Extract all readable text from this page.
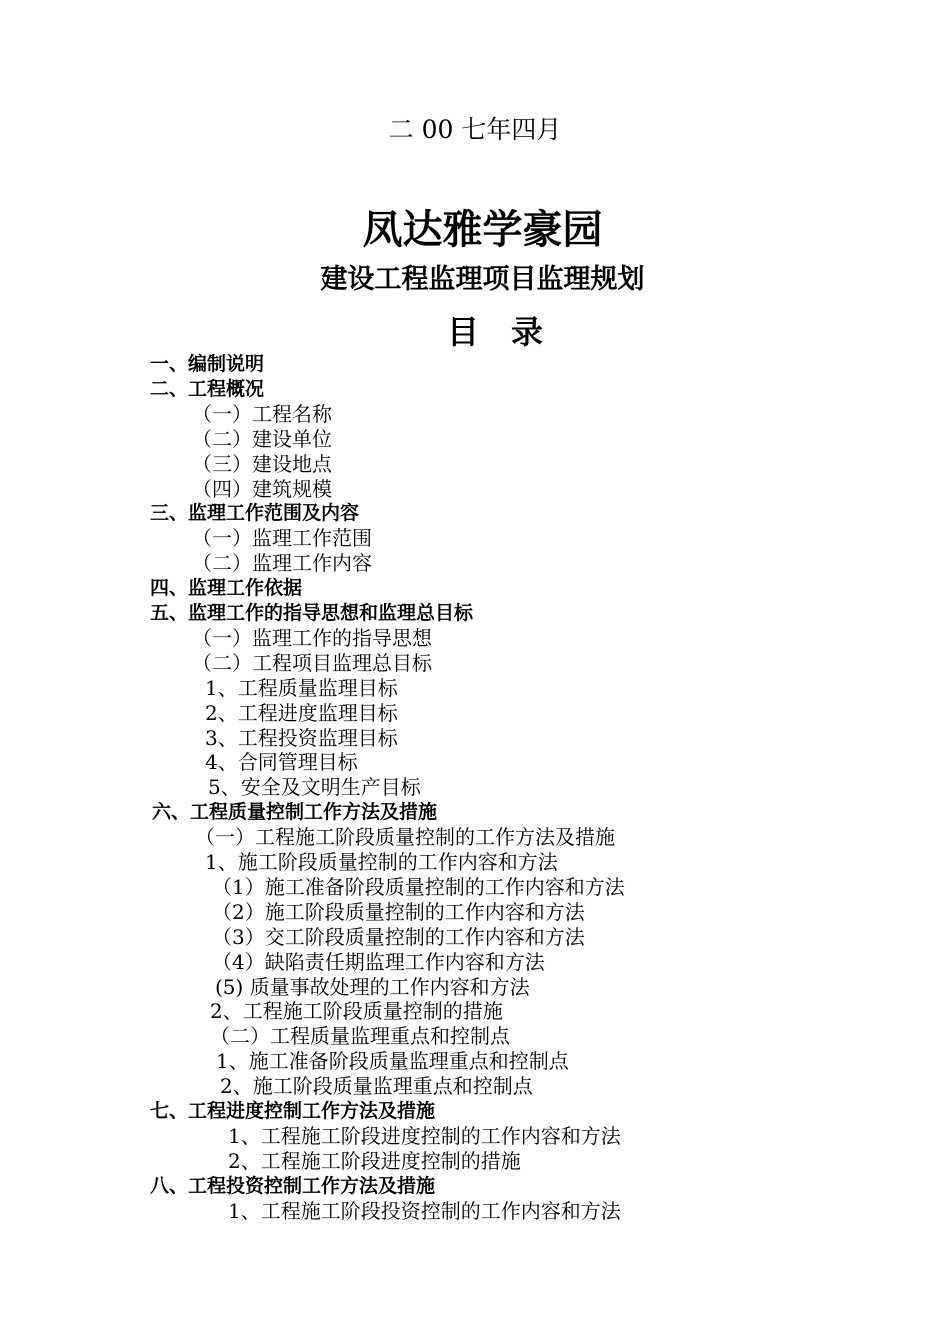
二 00 七年四月
凤达雅学豪园
建设工程监理项目监理规划
目　录
一、编制说明
二、工程概况
（一）工程名称
（二）建设单位
（三）建设地点
（四）建筑规模
三、监理工作范围及内容
（一）监理工作范围
（二）监理工作内容
四、监理工作依据
五、监理工作的指导思想和监理总目标
（一）监理工作的指导思想
（二）工程项目监理总目标
1、工程质量监理目标
2、工程进度监理目标
3、工程投资监理目标
4、合同管理目标
5、安全及文明生产目标
六、工程质量控制工作方法及措施
（一）工程施工阶段质量控制的工作方法及措施
1、施工阶段质量控制的工作内容和方法
（1）施工准备阶段质量控制的工作内容和方法
（2）施工阶段质量控制的工作内容和方法
（3）交工阶段质量控制的工作内容和方法
（4）缺陷责任期监理工作内容和方法
(5) 质量事故处理的工作内容和方法
2、工程施工阶段质量控制的措施
（二）工程质量监理重点和控制点
1、施工准备阶段质量监理重点和控制点
2、施工阶段质量监理重点和控制点
七、工程进度控制工作方法及措施
1、工程施工阶段进度控制的工作内容和方法
2、工程施工阶段进度控制的措施
八、工程投资控制工作方法及措施
1、工程施工阶段投资控制的工作内容和方法
